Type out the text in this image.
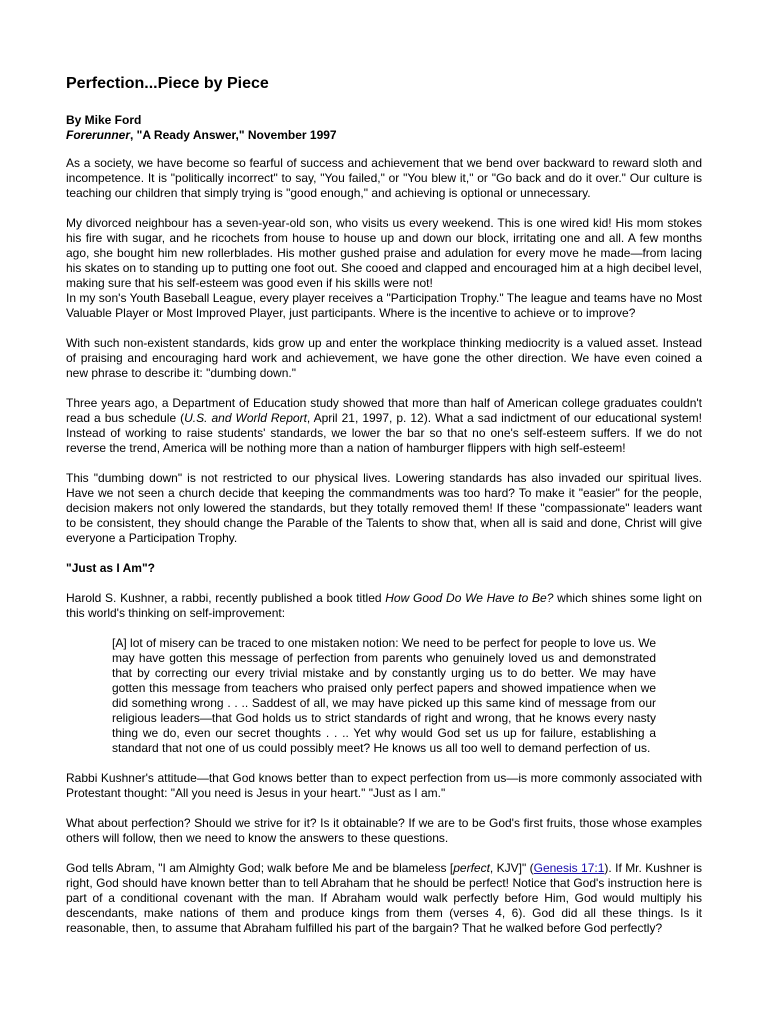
Perfection...Piece by Piece
By Mike Ford
Forerunner, "A Ready Answer," November 1997

As a society, we have become so fearful of success and achievement that we bend over backward to reward sloth and incompetence. It is "politically incorrect" to say, "You failed," or "You blew it," or "Go back and do it over." Our culture is teaching our children that simply trying is "good enough," and achieving is optional or unnecessary.

My divorced neighbour has a seven-year-old son, who visits us every weekend. This is one wired kid! His mom stokes his fire with sugar, and he ricochets from house to house up and down our block, irritating one and all. A few months ago, she bought him new rollerblades. His mother gushed praise and adulation for every move he made—from lacing his skates on to standing up to putting one foot out. She cooed and clapped and encouraged him at a high decibel level, making sure that his self-esteem was good even if his skills were not!

In my son's Youth Baseball League, every player receives a "Participation Trophy." The league and teams have no Most Valuable Player or Most Improved Player, just participants. Where is the incentive to achieve or to improve?

With such non-existent standards, kids grow up and enter the workplace thinking mediocrity is a valued asset. Instead of praising and encouraging hard work and achievement, we have gone the other direction. We have even coined a new phrase to describe it: "dumbing down."

Three years ago, a Department of Education study showed that more than half of American college graduates couldn't read a bus schedule (U.S. and World Report, April 21, 1997, p. 12). What a sad indictment of our educational system! Instead of working to raise students' standards, we lower the bar so that no one's self-esteem suffers. If we do not reverse the trend, America will be nothing more than a nation of hamburger flippers with high self-esteem!

This "dumbing down" is not restricted to our physical lives. Lowering standards has also invaded our spiritual lives. Have we not seen a church decide that keeping the commandments was too hard? To make it "easier" for the people, decision makers not only lowered the standards, but they totally removed them! If these "compassionate" leaders want to be consistent, they should change the Parable of the Talents to show that, when all is said and done, Christ will give everyone a Participation Trophy.

"Just as I Am"?

Harold S. Kushner, a rabbi, recently published a book titled How Good Do We Have to Be? which shines some light on this world's thinking on self-improvement:

[A] lot of misery can be traced to one mistaken notion: We need to be perfect for people to love us. We may have gotten this message of perfection from parents who genuinely loved us and demonstrated that by correcting our every trivial mistake and by constantly urging us to do better. We may have gotten this message from teachers who praised only perfect papers and showed impatience when we did something wrong . . .. Saddest of all, we may have picked up this same kind of message from our religious leaders—that God holds us to strict standards of right and wrong, that he knows every nasty thing we do, even our secret thoughts . . .. Yet why would God set us up for failure, establishing a standard that not one of us could possibly meet? He knows us all too well to demand perfection of us.

Rabbi Kushner's attitude—that God knows better than to expect perfection from us—is more commonly associated with Protestant thought: "All you need is Jesus in your heart." "Just as I am."

What about perfection? Should we strive for it? Is it obtainable? If we are to be God's first fruits, those whose examples others will follow, then we need to know the answers to these questions.

God tells Abram, "I am Almighty God; walk before Me and be blameless [perfect, KJV]" (Genesis 17:1). If Mr. Kushner is right, God should have known better than to tell Abraham that he should be perfect! Notice that God's instruction here is part of a conditional covenant with the man. If Abraham would walk perfectly before Him, God would multiply his descendants, make nations of them and produce kings from them (verses 4, 6). God did all these things. Is it reasonable, then, to assume that Abraham fulfilled his part of the bargain? That he walked before God perfectly?
